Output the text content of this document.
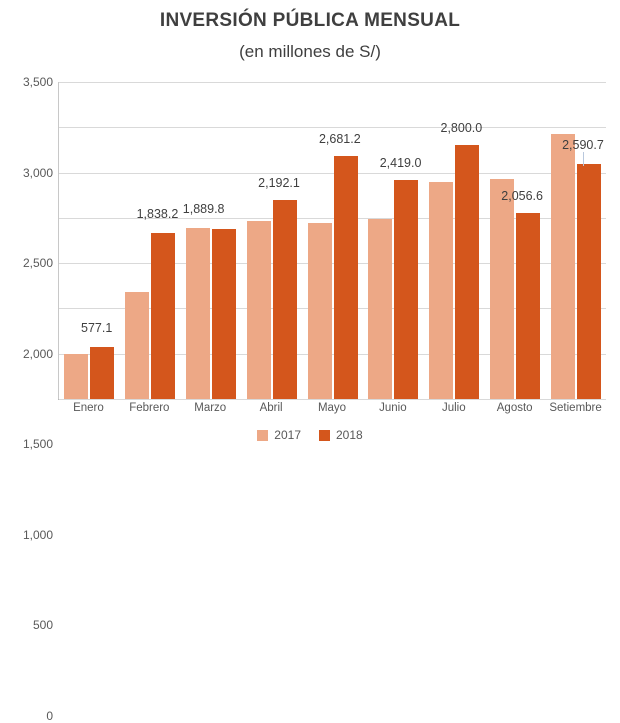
INVERSIÓN PÚBLICA MENSUAL
(en millones de S/)
0
500
1,000
1,500
2,000
2,500
3,000
3,500
577.1
1,838.2 1,889.8
2,192.1
2,681.2
2,419.0
2,800.0
2,056.6
2,590.7
Enero	Febrero	Marzo	Abril	Mayo	Junio	Julio	Agosto	Setiembre
2017	2018
